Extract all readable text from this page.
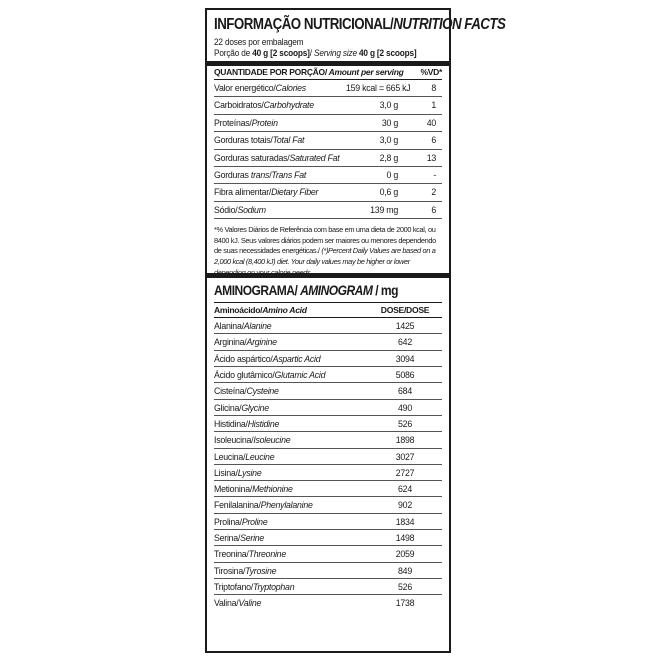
INFORMAÇÃO NUTRICIONAL/NUTRITION FACTS
22 doses por embalagem
Porção de 40 g [2 scoops]/ Serving size 40 g [2 scoops]
QUANTIDADE POR PORÇÃO/ Amount per serving	%VD*
Valor energético/Calories	159 kcal = 665 kJ	8
Carboidratos/Carbohydrate	3,0 g	1
Proteínas/Protein	30 g	40
Gorduras totais/Total Fat	3,0 g	6
Gorduras saturadas/Saturated Fat	2,8 g	13
Gorduras trans/Trans Fat	0 g	-
Fibra alimentar/Dietary Fiber	0,6 g	2
Sódio/Sodium	139 mg	6
*% Valores Diários de Referência com base em uma dieta de 2000 kcal, ou 8400 kJ. Seus valores diários podem ser maiores ou menores dependendo de suas necessidades energéticas./ (*)Percent Daily Values are based on a 2,000 kcal (8,400 kJ) diet. Your daily values may be higher or lower depending on your calorie needs.
AMINOGRAMA/ AMINOGRAM / mg
Aminoácido/Amino Acid	DOSE/DOSE
Alanina/Alanine	1425
Arginina/Arginine	642
Ácido aspártico/Aspartic Acid	3094
Ácido glutâmico/Glutamic Acid	5086
Cisteína/Cysteine	684
Glicina/Glycine	490
Histidina/Histidine	526
Isoleucina/Isoleucine	1898
Leucina/Leucine	3027
Lisina/Lysine	2727
Metionina/Methionine	624
Fenilalanina/Phenylalanine	902
Prolina/Proline	1834
Serina/Serine	1498
Treonina/Threonine	2059
Tirosina/Tyrosine	849
Triptofano/Tryptophan	526
Valina/Valine	1738
